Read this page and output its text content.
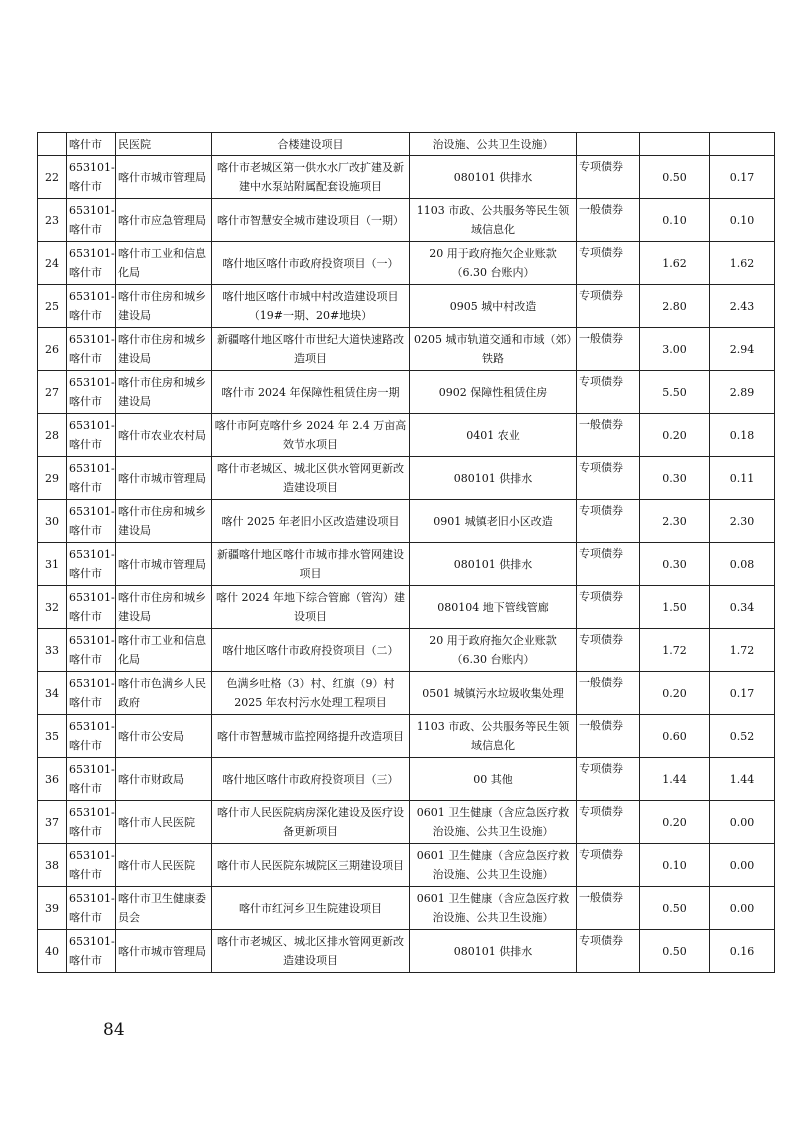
	喀什市	民医院	合楼建设项目	治设施、公共卫生设施）			
22	653101-喀什市	喀什市城市管理局	喀什市老城区第一供水水厂改扩建及新建中水泵站附属配套设施项目	080101 供排水	专项债券	0.50	0.17
23	653101-喀什市	喀什市应急管理局	喀什市智慧安全城市建设项目（一期）	1103 市政、公共服务等民生领域信息化	一般债券	0.10	0.10
24	653101-喀什市	喀什市工业和信息化局	喀什地区喀什市政府投资项目（一）	20 用于政府拖欠企业账款（6.30 台账内）	专项债券	1.62	1.62
25	653101-喀什市	喀什市住房和城乡建设局	喀什地区喀什市城中村改造建设项目（19#一期、20#地块）	0905 城中村改造	专项债券	2.80	2.43
26	653101-喀什市	喀什市住房和城乡建设局	新疆喀什地区喀什市世纪大道快速路改造项目	0205 城市轨道交通和市域（郊）铁路	一般债券	3.00	2.94
27	653101-喀什市	喀什市住房和城乡建设局	喀什市 2024 年保障性租赁住房一期	0902 保障性租赁住房	专项债券	5.50	2.89
28	653101-喀什市	喀什市农业农村局	喀什市阿克喀什乡 2024 年 2.4 万亩高效节水项目	0401 农业	一般债券	0.20	0.18
29	653101-喀什市	喀什市城市管理局	喀什市老城区、城北区供水管网更新改造建设项目	080101 供排水	专项债券	0.30	0.11
30	653101-喀什市	喀什市住房和城乡建设局	喀什 2025 年老旧小区改造建设项目	0901 城镇老旧小区改造	专项债券	2.30	2.30
31	653101-喀什市	喀什市城市管理局	新疆喀什地区喀什市城市排水管网建设项目	080101 供排水	专项债券	0.30	0.08
32	653101-喀什市	喀什市住房和城乡建设局	喀什 2024 年地下综合管廊（管沟）建设项目	080104 地下管线管廊	专项债券	1.50	0.34
33	653101-喀什市	喀什市工业和信息化局	喀什地区喀什市政府投资项目（二）	20 用于政府拖欠企业账款（6.30 台账内）	专项债券	1.72	1.72
34	653101-喀什市	喀什市色满乡人民政府	色满乡吐格（3）村、红旗（9）村 2025 年农村污水处理工程项目	0501 城镇污水垃圾收集处理	一般债券	0.20	0.17
35	653101-喀什市	喀什市公安局	喀什市智慧城市监控网络提升改造项目	1103 市政、公共服务等民生领域信息化	一般债券	0.60	0.52
36	653101-喀什市	喀什市财政局	喀什地区喀什市政府投资项目（三）	00 其他	专项债券	1.44	1.44
37	653101-喀什市	喀什市人民医院	喀什市人民医院病房深化建设及医疗设备更新项目	0601 卫生健康（含应急医疗救治设施、公共卫生设施）	专项债券	0.20	0.00
38	653101-喀什市	喀什市人民医院	喀什市人民医院东城院区三期建设项目	0601 卫生健康（含应急医疗救治设施、公共卫生设施）	专项债券	0.10	0.00
39	653101-喀什市	喀什市卫生健康委员会	喀什市红河乡卫生院建设项目	0601 卫生健康（含应急医疗救治设施、公共卫生设施）	一般债券	0.50	0.00
40	653101-喀什市	喀什市城市管理局	喀什市老城区、城北区排水管网更新改造建设项目	080101 供排水	专项债券	0.50	0.16
84
